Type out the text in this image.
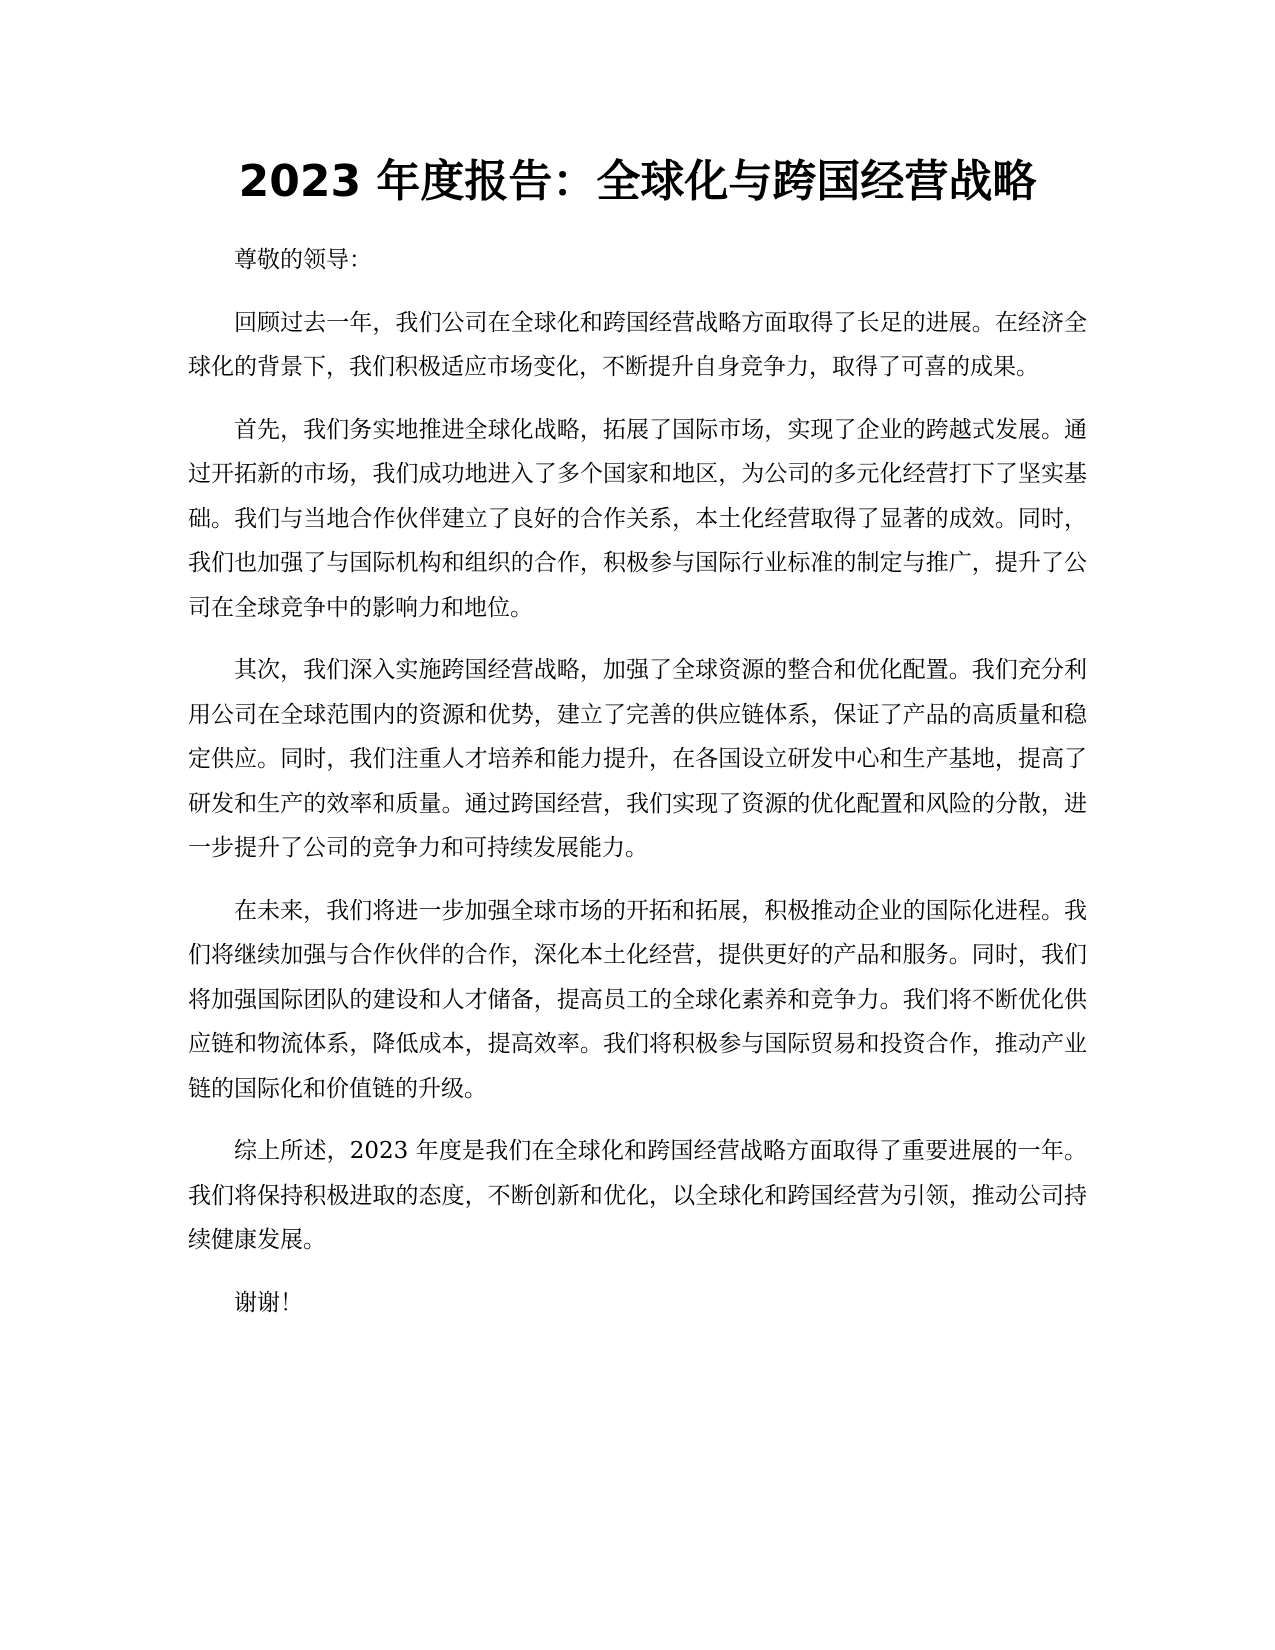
2023 年度报告：全球化与跨国经营战略

尊敬的领导：

回顾过去一年，我们公司在全球化和跨国经营战略方面取得了长足的进展。在经济全球化的背景下，我们积极适应市场变化，不断提升自身竞争力，取得了可喜的成果。

首先，我们务实地推进全球化战略，拓展了国际市场，实现了企业的跨越式发展。通过开拓新的市场，我们成功地进入了多个国家和地区，为公司的多元化经营打下了坚实基础。我们与当地合作伙伴建立了良好的合作关系，本土化经营取得了显著的成效。同时，我们也加强了与国际机构和组织的合作，积极参与国际行业标准的制定与推广，提升了公司在全球竞争中的影响力和地位。

其次，我们深入实施跨国经营战略，加强了全球资源的整合和优化配置。我们充分利用公司在全球范围内的资源和优势，建立了完善的供应链体系，保证了产品的高质量和稳定供应。同时，我们注重人才培养和能力提升，在各国设立研发中心和生产基地，提高了研发和生产的效率和质量。通过跨国经营，我们实现了资源的优化配置和风险的分散，进一步提升了公司的竞争力和可持续发展能力。

在未来，我们将进一步加强全球市场的开拓和拓展，积极推动企业的国际化进程。我们将继续加强与合作伙伴的合作，深化本土化经营，提供更好的产品和服务。同时，我们将加强国际团队的建设和人才储备，提高员工的全球化素养和竞争力。我们将不断优化供应链和物流体系，降低成本，提高效率。我们将积极参与国际贸易和投资合作，推动产业链的国际化和价值链的升级。

综上所述，2023 年度是我们在全球化和跨国经营战略方面取得了重要进展的一年。我们将保持积极进取的态度，不断创新和优化，以全球化和跨国经营为引领，推动公司持续健康发展。

谢谢！
